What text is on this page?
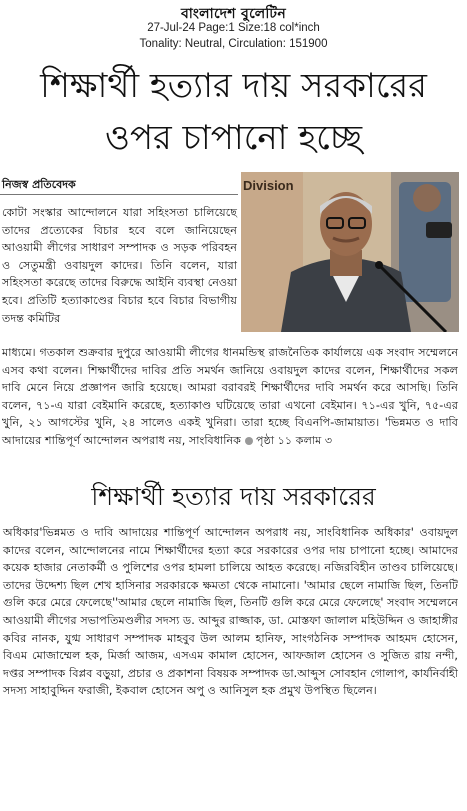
বাংলাদেশ বুলেটিন
27-Jul-24 Page:1 Size:18 col*inch
Tonality: Neutral, Circulation: 151900
শিক্ষার্থী হত্যার দায় সরকারের
ওপর চাপানো হচ্ছে
নিজস্ব প্রতিবেদক	Division
কোটা সংস্কার আন্দোলনে যারা সহিংসতা চালিয়েছে তাদের প্রত্যেকের বিচার হবে বলে জানিয়েছেন আওয়ামী লীগের সাধারণ সম্পাদক ও সড়ক পরিবহন ও সেতুমন্ত্রী ওবায়দুল কাদের। তিনি বলেন, যারা সহিংসতা করেছে তাদের বিরুদ্ধে আইনি ব্যবস্থা নেওয়া হবে। প্রতিটি হত্যাকাণ্ডের বিচার হবে বিচার বিভাগীয় তদন্ত কমিটির
মাধ্যমে। গতকাল শুক্রবার দুপুরে আওয়ামী লীগের ধানমন্ডিস্থ রাজনৈতিক কার্যালয়ে এক সংবাদ সম্মেলনে এসব কথা বলেন। শিক্ষার্থীদের দাবির প্রতি সমর্থন জানিয়ে ওবায়দুল কাদের বলেন, শিক্ষার্থীদের সকল দাবি মেনে নিয়ে প্রজ্ঞাপন জারি হয়েছে। আমরা বরাবরই শিক্ষার্থীদের দাবি সমর্থন করে আসছি। তিনি বলেন, ৭১-এ যারা বেইমানি করেছে, হত্যাকাণ্ড ঘটিয়েছে তারা এখনো বেইমান। ৭১-এর খুনি, ৭৫-এর খুনি, ২১ আগস্টের খুনি, ২৪ সালেও একই খুনিরা। তারা হচ্ছে বিএনপি-জামায়াত। 'ভিন্নমত ও দাবি আদায়ের শান্তিপূর্ণ আন্দোলন অপরাধ নয়, সাংবিধানিক পৃষ্ঠা ১১ কলাম ৩
শিক্ষার্থী হত্যার দায় সরকারের
অধিকার'ভিন্নমত ও দাবি আদায়ের শান্তিপূর্ণ আন্দোলন অপরাধ নয়, সাংবিধানিক অধিকার' ওবায়দুল কাদের বলেন, আন্দোলনের নামে শিক্ষার্থীদের হত্যা করে সরকারের ওপর দায় চাপানো হচ্ছে। আমাদের কয়েক হাজার নেতাকর্মী ও পুলিশের ওপর হামলা চালিয়ে আহত করেছে। নজিরবিহীন তাণ্ডব চালিয়েছে। তাদের উদ্দেশ্য ছিল শেখ হাসিনার সরকারকে ক্ষমতা থেকে নামানো। 'আমার ছেলে নামাজি ছিল, তিনটি গুলি করে মেরে ফেলেছে''আমার ছেলে নামাজি ছিল, তিনটি গুলি করে মেরে ফেলেছে' সংবাদ সম্মেলনে আওয়ামী লীগের সভাপতিমণ্ডলীর সদস্য ড. আব্দুর রাজ্জাক, ডা. মোস্তফা জালাল মহিউদ্দিন ও জাহাঙ্গীর কবির নানক, যুগ্ম সাধারণ সম্পাদক মাহবুব উল আলম হানিফ, সাংগঠনিক সম্পাদক আহমদ হোসেন, বিএম মোজাম্মেল হক, মির্জা আজম, এসএম কামাল হোসেন, আফজাল হোসেন ও সুজিত রায় নন্দী, দপ্তর সম্পাদক বিপ্লব বড়ুয়া, প্রচার ও প্রকাশনা বিষয়ক সম্পাদক ডা.আব্দুস সোবহান গোলাপ, কার্যনির্বাহী সদস্য সাহাবুদ্দিন ফরাজী, ইকবাল হোসেন অপু ও আনিসুল হক প্রমুখ উপস্থিত ছিলেন।
